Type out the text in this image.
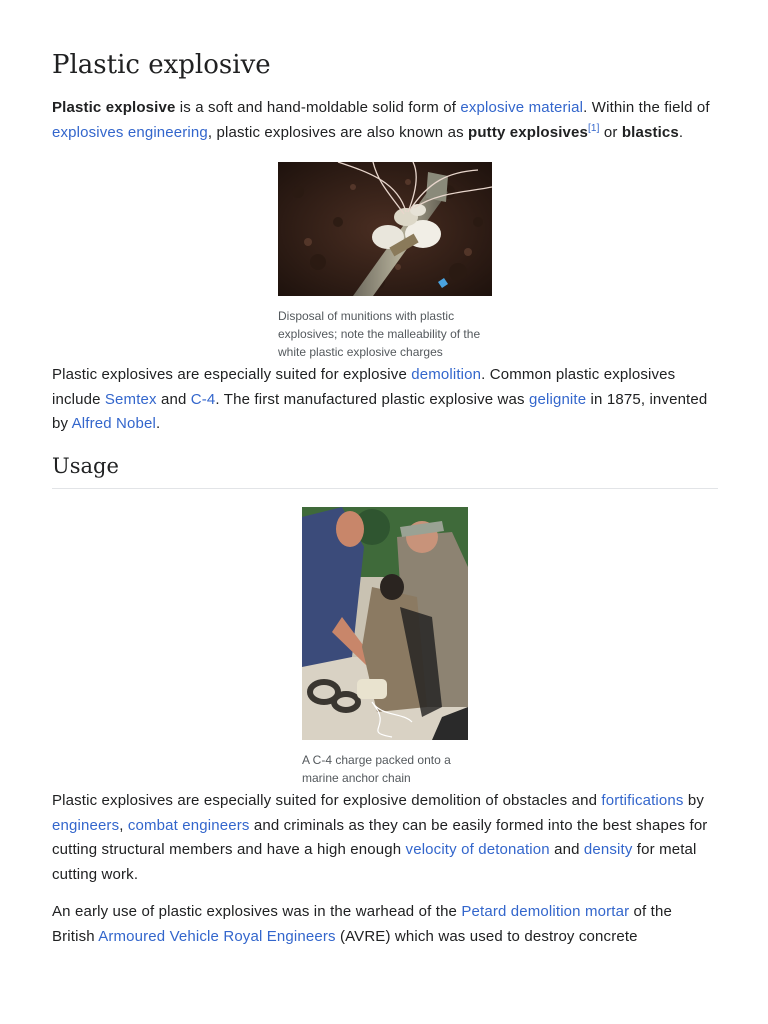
Plastic explosive

Plastic explosive is a soft and hand-moldable solid form of explosive material. Within the field of explosives engineering, plastic explosives are also known as putty explosives[1] or blastics.

Disposal of munitions with plastic explosives; note the malleability of the white plastic explosive charges

Plastic explosives are especially suited for explosive demolition. Common plastic explosives include Semtex and C-4. The first manufactured plastic explosive was gelignite in 1875, invented by Alfred Nobel.

Usage
A C-4 charge packed onto a marine anchor chain

Plastic explosives are especially suited for explosive demolition of obstacles and fortifications by engineers, combat engineers and criminals as they can be easily formed into the best shapes for cutting structural members and have a high enough velocity of detonation and density for metal cutting work.

An early use of plastic explosives was in the warhead of the Petard demolition mortar of the British Armoured Vehicle Royal Engineers (AVRE) which was used to destroy concrete
